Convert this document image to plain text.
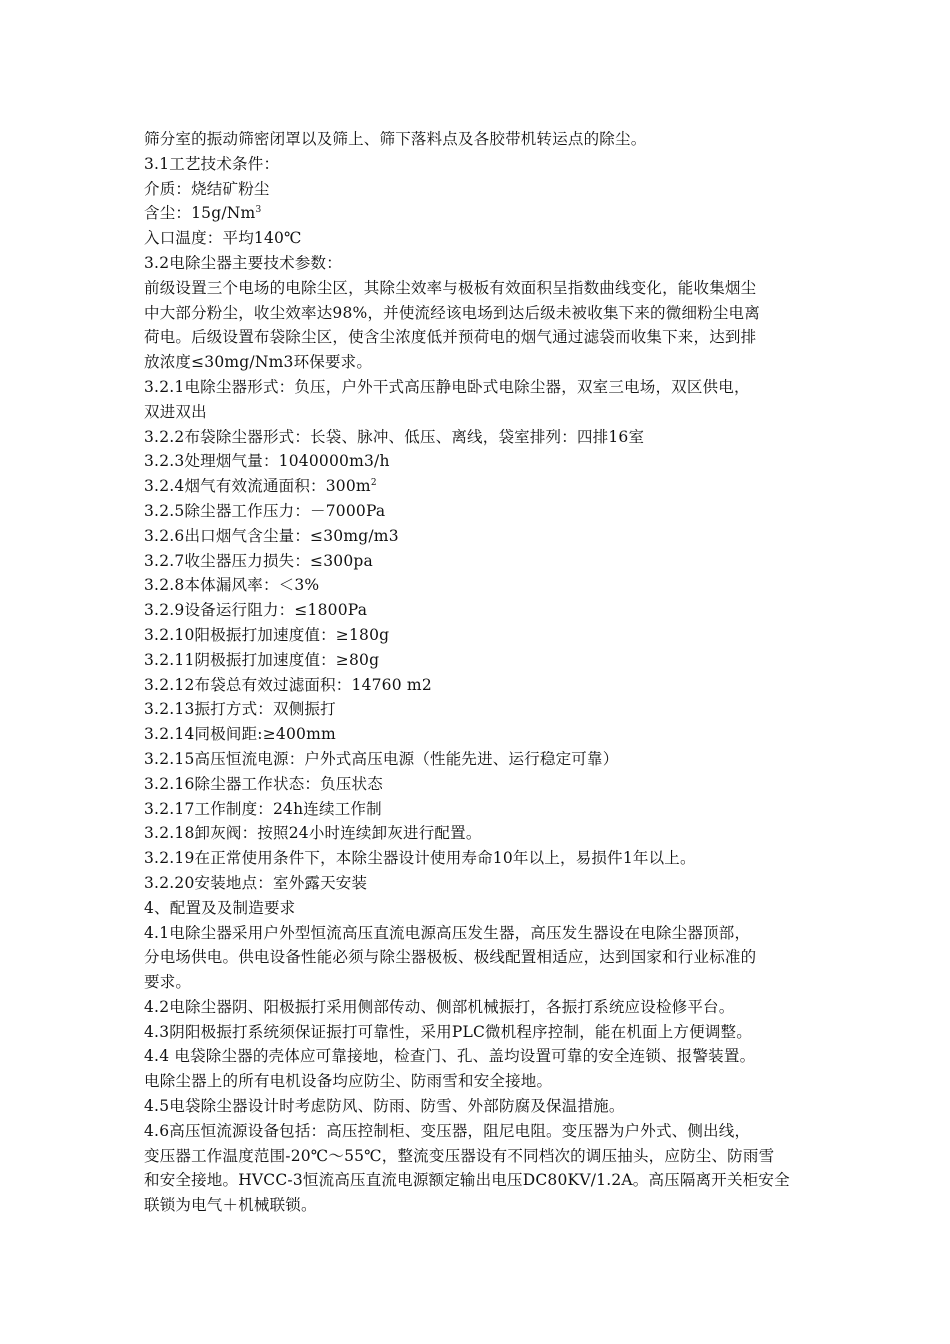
筛分室的振动筛密闭罩以及筛上、筛下落料点及各胶带机转运点的除尘。
3.1工艺技术条件：
介质：烧结矿粉尘
含尘：15g/Nm$^3$
入口温度：平均140℃
3.2电除尘器主要技术参数：
前级设置三个电场的电除尘区，其除尘效率与极板有效面积呈指数曲线变化，能收集烟尘
中大部分粉尘，收尘效率达98%，并使流经该电场到达后级未被收集下来的微细粉尘电离
荷电。后级设置布袋除尘区，使含尘浓度低并预荷电的烟气通过滤袋而收集下来，达到排
放浓度≤30mg/Nm3环保要求。
3.2.1电除尘器形式：负压，户外干式高压静电卧式电除尘器，双室三电场，双区供电，
双进双出
3.2.2布袋除尘器形式：长袋、脉冲、低压、离线，袋室排列：四排16室
3.2.3处理烟气量：1040000m3/h
3.2.4烟气有效流通面积：$300m^2$
3.2.5除尘器工作压力：－7000Pa
3.2.6出口烟气含尘量：≤30mg/m3
3.2.7收尘器压力损失：≤300pa
3.2.8本体漏风率：＜3%
3.2.9设备运行阻力：≤1800Pa
3.2.10阳极振打加速度值：≥180g
3.2.11阴极振打加速度值：≥80g
3.2.12布袋总有效过滤面积：14760 m2
3.2.13振打方式：双侧振打
3.2.14同极间距:≥400mm
3.2.15高压恒流电源：户外式高压电源（性能先进、运行稳定可靠）
3.2.16除尘器工作状态：负压状态
3.2.17工作制度：24h连续工作制
3.2.18卸灰阀：按照24小时连续卸灰进行配置。
3.2.19在正常使用条件下，本除尘器设计使用寿命10年以上，易损件1年以上。
3.2.20安装地点：室外露天安装
4、配置及及制造要求
4.1电除尘器采用户外型恒流高压直流电源高压发生器，高压发生器设在电除尘器顶部，
分电场供电。供电设备性能必须与除尘器极板、极线配置相适应，达到国家和行业标准的
要求。
4.2电除尘器阴、阳极振打采用侧部传动、侧部机械振打，各振打系统应设检修平台。
4.3阴阳极振打系统须保证振打可靠性，采用PLC微机程序控制，能在机面上方便调整。
4.4 电袋除尘器的壳体应可靠接地，检查门、孔、盖均设置可靠的安全连锁、报警装置。
电除尘器上的所有电机设备均应防尘、防雨雪和安全接地。
4.5电袋除尘器设计时考虑防风、防雨、防雪、外部防腐及保温措施。
4.6高压恒流源设备包括：高压控制柜、变压器，阻尼电阻。变压器为户外式、侧出线，
变压器工作温度范围-20℃～55℃，整流变压器设有不同档次的调压抽头，应防尘、防雨雪
和安全接地。HVCC-3恒流高压直流电源额定输出电压DC80KV/1.2A。高压隔离开关柜安全
联锁为电气＋机械联锁。
